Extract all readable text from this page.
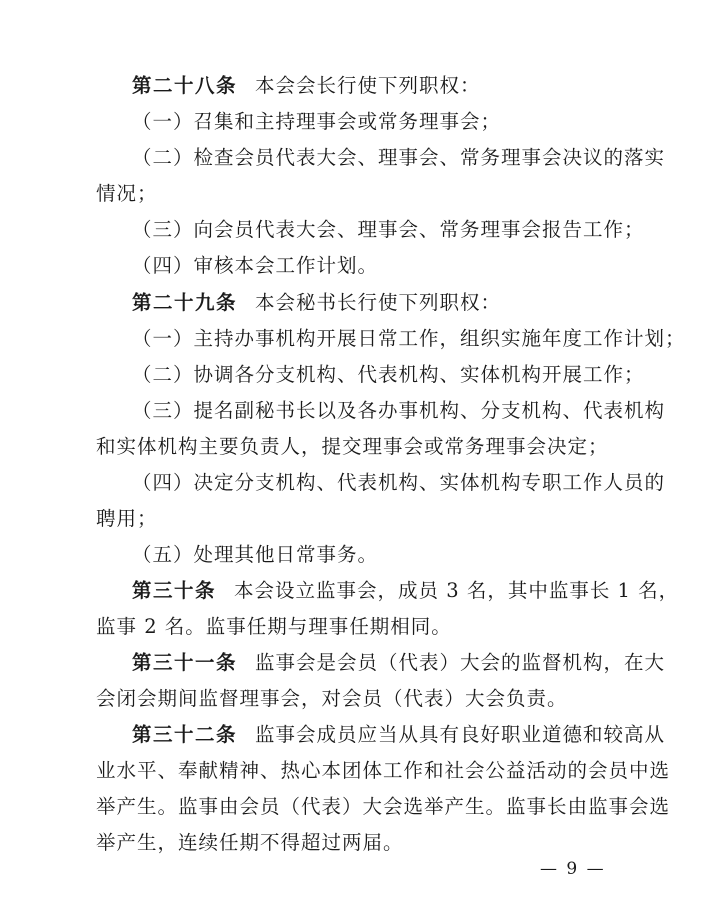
第二十八条 本会会长行使下列职权：
（一）召集和主持理事会或常务理事会；
（二）检查会员代表大会、理事会、常务理事会决议的落实
情况；
（三）向会员代表大会、理事会、常务理事会报告工作；
（四）审核本会工作计划。
第二十九条 本会秘书长行使下列职权：
（一）主持办事机构开展日常工作，组织实施年度工作计划；
（二）协调各分支机构、代表机构、实体机构开展工作；
（三）提名副秘书长以及各办事机构、分支机构、代表机构
和实体机构主要负责人，提交理事会或常务理事会决定；
（四）决定分支机构、代表机构、实体机构专职工作人员的
聘用；
（五）处理其他日常事务。
第三十条 本会设立监事会，成员 3 名，其中监事长 1 名，
监事 2 名。监事任期与理事任期相同。
第三十一条 监事会是会员（代表）大会的监督机构，在大
会闭会期间监督理事会，对会员（代表）大会负责。
第三十二条 监事会成员应当从具有良好职业道德和较高从
业水平、奉献精神、热心本团体工作和社会公益活动的会员中选
举产生。监事由会员（代表）大会选举产生。监事长由监事会选
举产生，连续任期不得超过两届。
— 9 —
